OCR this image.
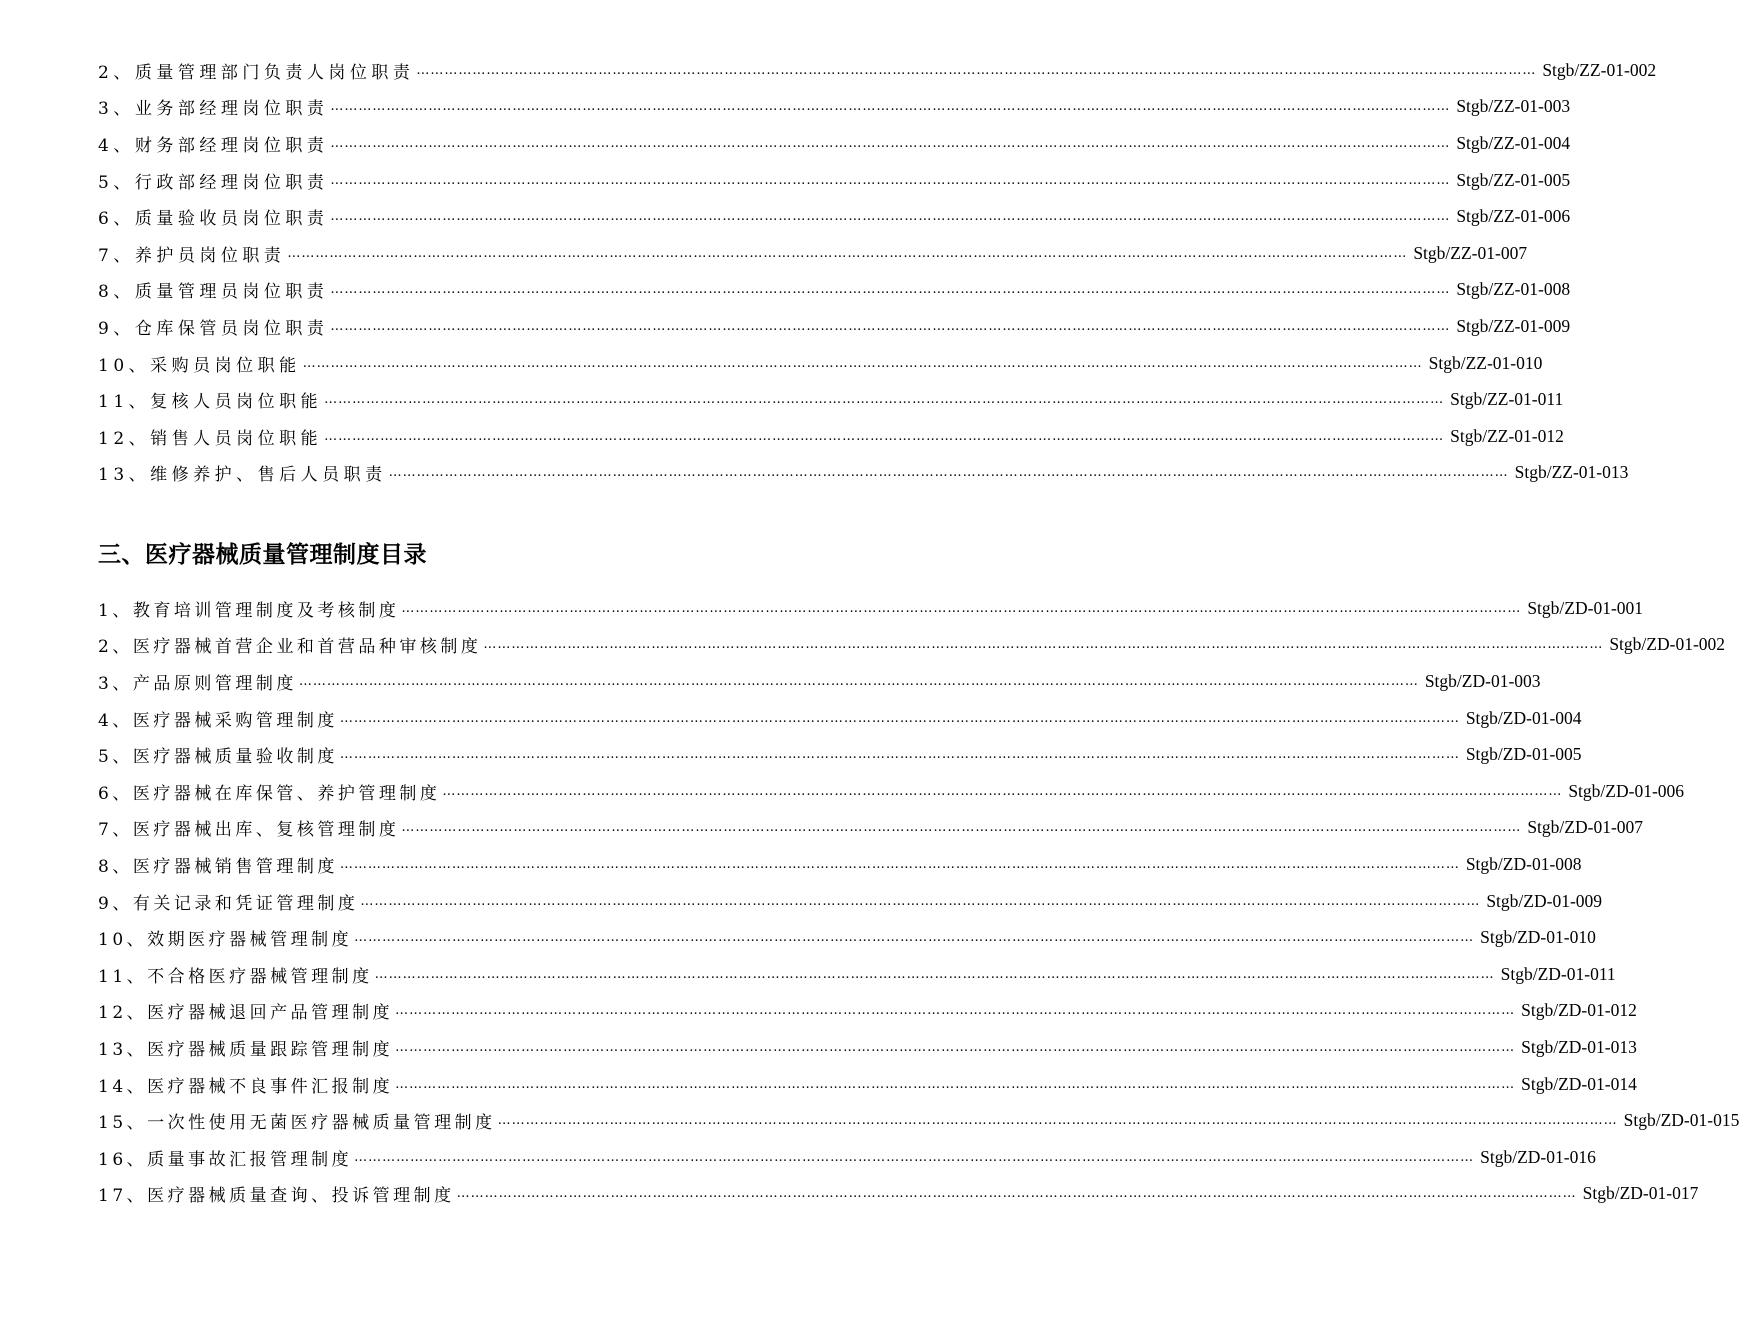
2、质量管理部门负责人岗位职责 …………………………………………………………………………………………………………………………………………………………………………………………………………………… Stgb/ZZ-01-002
3、业务部经理岗位职责 …………………………………………………………………………………………………………………………………………………………………………………………………………………… Stgb/ZZ-01-003
4、财务部经理岗位职责 …………………………………………………………………………………………………………………………………………………………………………………………………………………… Stgb/ZZ-01-004
5、行政部经理岗位职责 …………………………………………………………………………………………………………………………………………………………………………………………………………………… Stgb/ZZ-01-005
6、质量验收员岗位职责 …………………………………………………………………………………………………………………………………………………………………………………………………………………… Stgb/ZZ-01-006
7、养护员岗位职责 …………………………………………………………………………………………………………………………………………………………………………………………………………………… Stgb/ZZ-01-007
8、质量管理员岗位职责 …………………………………………………………………………………………………………………………………………………………………………………………………………………… Stgb/ZZ-01-008
9、仓库保管员岗位职责 …………………………………………………………………………………………………………………………………………………………………………………………………………………… Stgb/ZZ-01-009
10、采购员岗位职能 …………………………………………………………………………………………………………………………………………………………………………………………………………………… Stgb/ZZ-01-010
11、复核人员岗位职能 …………………………………………………………………………………………………………………………………………………………………………………………………………………… Stgb/ZZ-01-011
12、销售人员岗位职能 …………………………………………………………………………………………………………………………………………………………………………………………………………………… Stgb/ZZ-01-012
13、维修养护、售后人员职责 …………………………………………………………………………………………………………………………………………………………………………………………………………………… Stgb/ZZ-01-013
三、医疗器械质量管理制度目录
1、教育培训管理制度及考核制度 …………………………………………………………………………………………………………………………………………………………………………………………………………………… Stgb/ZD-01-001
2、医疗器械首营企业和首营品种审核制度 …………………………………………………………………………………………………………………………………………………………………………………………………………………… Stgb/ZD-01-002
3、产品原则管理制度 …………………………………………………………………………………………………………………………………………………………………………………………………………………… Stgb/ZD-01-003
4、医疗器械采购管理制度 …………………………………………………………………………………………………………………………………………………………………………………………………………………… Stgb/ZD-01-004
5、医疗器械质量验收制度 …………………………………………………………………………………………………………………………………………………………………………………………………………………… Stgb/ZD-01-005
6、医疗器械在库保管、养护管理制度 …………………………………………………………………………………………………………………………………………………………………………………………………………………… Stgb/ZD-01-006
7、医疗器械出库、复核管理制度 …………………………………………………………………………………………………………………………………………………………………………………………………………………… Stgb/ZD-01-007
8、医疗器械销售管理制度 …………………………………………………………………………………………………………………………………………………………………………………………………………………… Stgb/ZD-01-008
9、有关记录和凭证管理制度 …………………………………………………………………………………………………………………………………………………………………………………………………………………… Stgb/ZD-01-009
10、效期医疗器械管理制度 …………………………………………………………………………………………………………………………………………………………………………………………………………………… Stgb/ZD-01-010
11、不合格医疗器械管理制度 …………………………………………………………………………………………………………………………………………………………………………………………………………………… Stgb/ZD-01-011
12、医疗器械退回产品管理制度 …………………………………………………………………………………………………………………………………………………………………………………………………………………… Stgb/ZD-01-012
13、医疗器械质量跟踪管理制度 …………………………………………………………………………………………………………………………………………………………………………………………………………………… Stgb/ZD-01-013
14、医疗器械不良事件汇报制度 …………………………………………………………………………………………………………………………………………………………………………………………………………………… Stgb/ZD-01-014
15、一次性使用无菌医疗器械质量管理制度 …………………………………………………………………………………………………………………………………………………………………………………………………………………… Stgb/ZD-01-015
16、质量事故汇报管理制度 …………………………………………………………………………………………………………………………………………………………………………………………………………………… Stgb/ZD-01-016
17、医疗器械质量查询、投诉管理制度 …………………………………………………………………………………………………………………………………………………………………………………………………………………… Stgb/ZD-01-017
